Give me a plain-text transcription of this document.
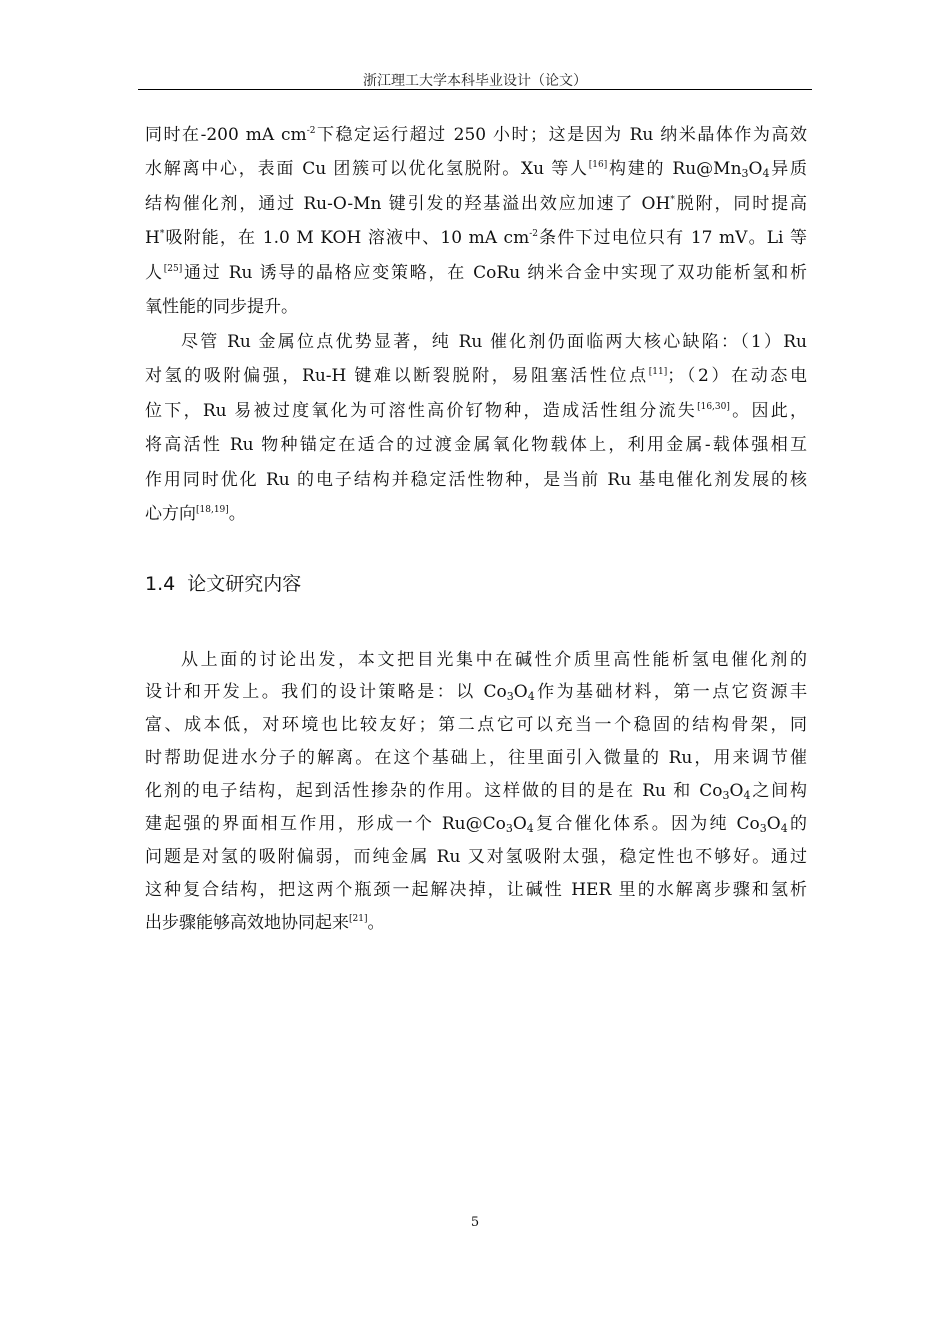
浙江理工大学本科毕业设计（论文）
同时在-200 mA $cm^{-2}$下稳定运行超过 250 小时；这是因为 Ru 纳米晶体作为高效
水解离中心，表面 Cu 团簇可以优化氢脱附。Xu 等人[16]构建的 $Ru@Mn_3O_4$异质
结构催化剂，通过 Ru-O-Mn 键引发的羟基溢出效应加速了 OH*脱附，同时提高
H*吸附能，在 1.0 M KOH 溶液中、10 mA $cm^{-2}$条件下过电位只有 17 mV。Li 等
人[25]通过 Ru 诱导的晶格应变策略，在 CoRu 纳米合金中实现了双功能析氢和析
氧性能的同步提升。
尽管 Ru 金属位点优势显著，纯 Ru 催化剂仍面临两大核心缺陷：（1）Ru
对氢的吸附偏强，Ru-H 键难以断裂脱附，易阻塞活性位点[11]；（2）在动态电
位下，Ru 易被过度氧化为可溶性高价钌物种，造成活性组分流失[16,30]。因此，
将高活性 Ru 物种锚定在适合的过渡金属氧化物载体上，利用金属-载体强相互
作用同时优化 Ru 的电子结构并稳定活性物种，是当前 Ru 基电催化剂发展的核
心方向[18,19]。
1.4 论文研究内容
从上面的讨论出发，本文把目光集中在碱性介质里高性能析氢电催化剂的
设计和开发上。我们的设计策略是：以 $Co_3O_4$作为基础材料，第一点它资源丰
富、成本低，对环境也比较友好；第二点它可以充当一个稳固的结构骨架，同
时帮助促进水分子的解离。在这个基础上，往里面引入微量的 Ru，用来调节催
化剂的电子结构，起到活性掺杂的作用。这样做的目的是在 Ru 和 $Co_3O_4$之间构
建起强的界面相互作用，形成一个 $Ru@Co_3O_4$复合催化体系。因为纯 $Co_3O_4$的
问题是对氢的吸附偏弱，而纯金属 Ru 又对氢吸附太强，稳定性也不够好。通过
这种复合结构，把这两个瓶颈一起解决掉，让碱性 HER 里的水解离步骤和氢析
出步骤能够高效地协同起来[21]。
5
